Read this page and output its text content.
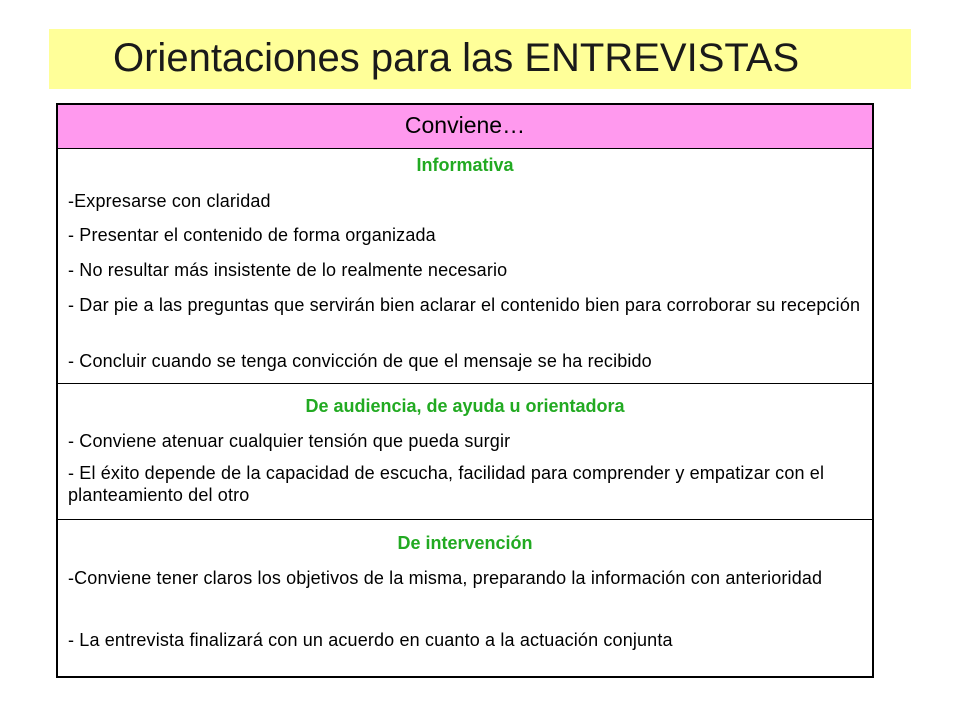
Orientaciones para las ENTREVISTAS
Conviene…
Informativa
-Expresarse con claridad
- Presentar el contenido de forma organizada
- No resultar más insistente de lo realmente necesario
- Dar pie a las preguntas que servirán bien aclarar el contenido bien para corroborar su recepción
- Concluir cuando se tenga convicción de que el mensaje se ha recibido
De audiencia, de ayuda u orientadora
- Conviene atenuar cualquier tensión que pueda surgir
- El éxito depende de la capacidad de escucha, facilidad para comprender y empatizar con el planteamiento del otro
De intervención
-Conviene tener claros los objetivos de la misma, preparando la información con anterioridad
- La entrevista finalizará con un acuerdo en cuanto a la actuación conjunta
